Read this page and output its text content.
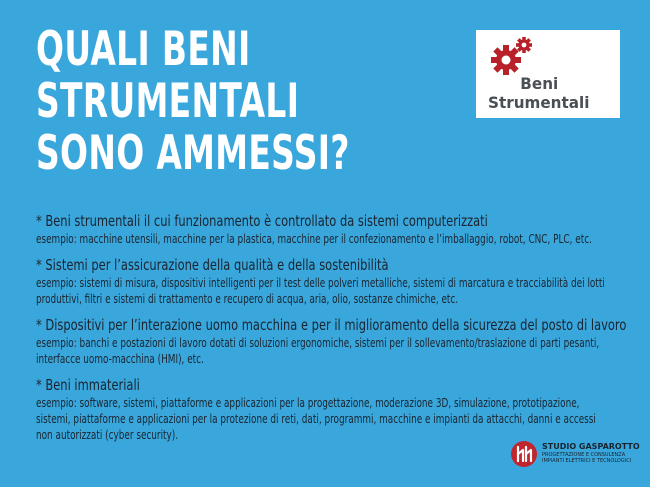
QUALI BENI
STRUMENTALI
SONO AMMESSI?
Beni
Strumentali
* Beni strumentali il cui funzionamento è controllato da sistemi computerizzati
esempio: macchine utensili, macchine per la plastica, macchine per il confezionamento e l’imballaggio, robot, CNC, PLC, etc.
* Sistemi per l’assicurazione della qualità e della sostenibilità
esempio: sistemi di misura, dispositivi intelligenti per il test delle polveri metalliche, sistemi di marcatura e tracciabilità dei lotti produttivi, filtri e sistemi di trattamento e recupero di acqua, aria, olio, sostanze chimiche, etc.
* Dispositivi per l’interazione uomo macchina e per il miglioramento della sicurezza del posto di lavoro
esempio: banchi e postazioni di lavoro dotati di soluzioni ergonomiche, sistemi per il sollevamento/traslazione di parti pesanti, interfacce uomo-macchina (HMI), etc.
* Beni immateriali
esempio: software, sistemi, piattaforme e applicazioni per la progettazione, moderazione 3D, simulazione, prototipazione, sistemi, piattaforme e applicazioni per la protezione di reti, dati, programmi, macchine e impianti da attacchi, danni e accessi non autorizzati (cyber security).
STUDIO GASPAROTTO
PROGETTAZIONE E CONSULENZA
IMPIANTI ELETTRICI E TECNOLOGICI
